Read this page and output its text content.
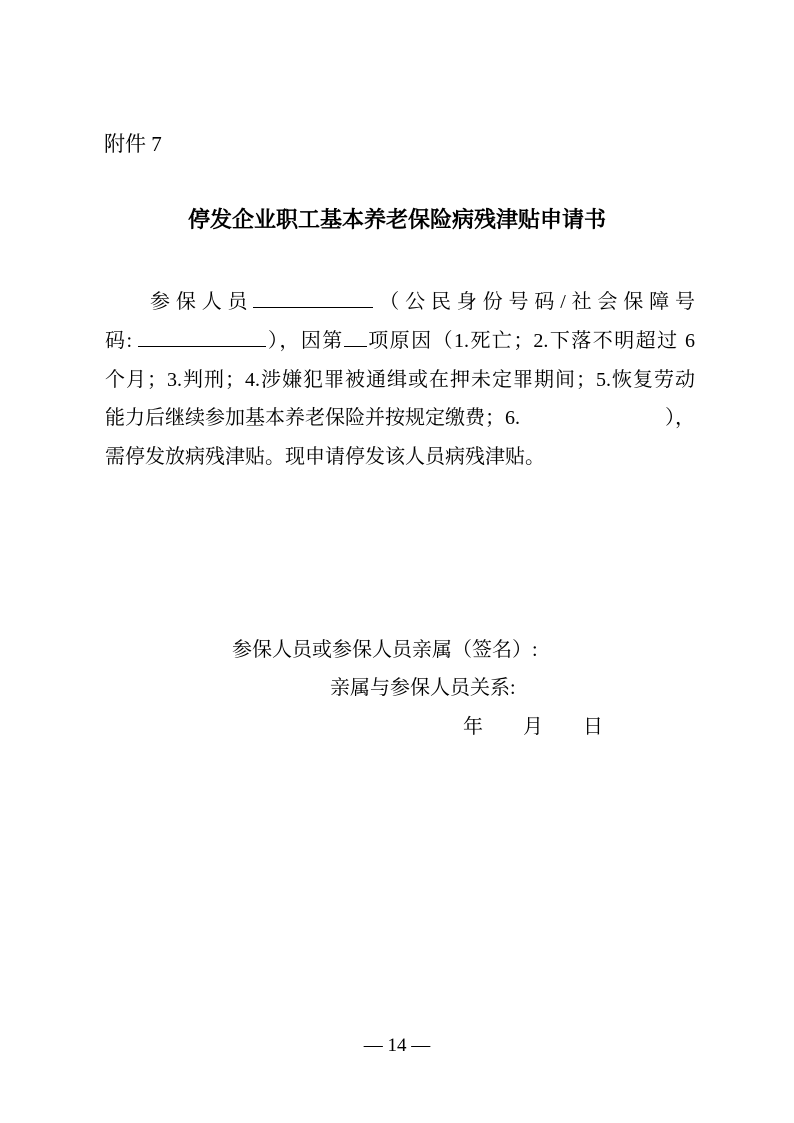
附件 7
停发企业职工基本养老保险病残津贴申请书
参保人员	（公民身份号码/社会保障号
码:	），因第 项原因（1.死亡；2.下落不明超过 6
个月；3.判刑；4.涉嫌犯罪被通缉或在押未定罪期间；5.恢复劳动
能力后继续参加基本养老保险并按规定缴费；6.	），
需停发放病残津贴。现申请停发该人员病残津贴。
参保人员或参保人员亲属（签名）:
亲属与参保人员关系:
年　　月　　日
— 14 —
